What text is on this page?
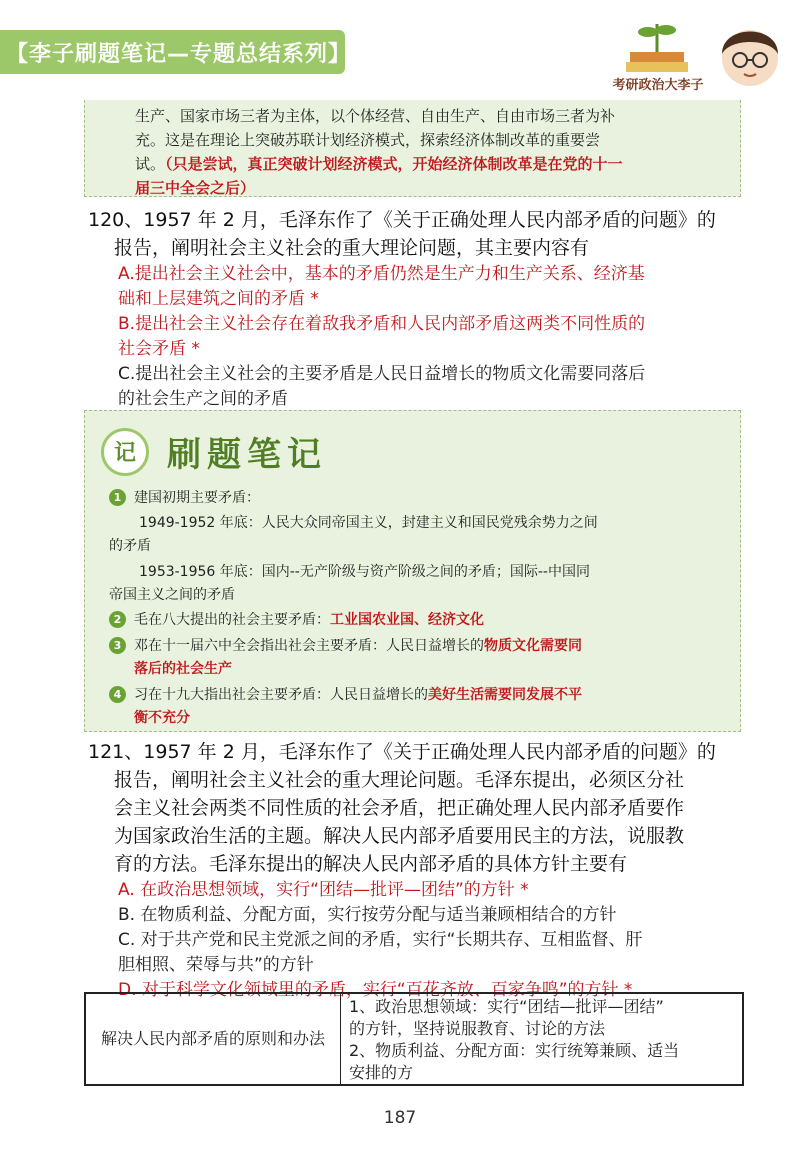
【李子刷题笔记—专题总结系列】
考研政治大李子
生产、国家市场三者为主体，以个体经营、自由生产、自由市场三者为补
充。这是在理论上突破苏联计划经济模式，探索经济体制改革的重要尝
试。（只是尝试，真正突破计划经济模式，开始经济体制改革是在党的十一
届三中全会之后）
120、1957 年 2 月，毛泽东作了《关于正确处理人民内部矛盾的问题》的
报告，阐明社会主义社会的重大理论问题，其主要内容有
A.提出社会主义社会中，基本的矛盾仍然是生产力和生产关系、经济基
础和上层建筑之间的矛盾 *
B.提出社会主义社会存在着敌我矛盾和人民内部矛盾这两类不同性质的
社会矛盾 *
C.提出社会主义社会的主要矛盾是人民日益增长的物质文化需要同落后
的社会生产之间的矛盾
记 刷题笔记
1 建国初期主要矛盾：
1949-1952 年底：人民大众同帝国主义，封建主义和国民党残余势力之间
的矛盾
1953-1956 年底：国内--无产阶级与资产阶级之间的矛盾；国际--中国同
帝国主义之间的矛盾
2 毛在八大提出的社会主要矛盾：工业国农业国、经济文化
3 邓在十一届六中全会指出社会主要矛盾：人民日益增长的物质文化需要同
落后的社会生产
4 习在十九大指出社会主要矛盾：人民日益增长的美好生活需要同发展不平
衡不充分
121、1957 年 2 月，毛泽东作了《关于正确处理人民内部矛盾的问题》的
报告，阐明社会主义社会的重大理论问题。毛泽东提出，必须区分社
会主义社会两类不同性质的社会矛盾，把正确处理人民内部矛盾要作
为国家政治生活的主题。解决人民内部矛盾要用民主的方法，说服教
育的方法。毛泽东提出的解决人民内部矛盾的具体方针主要有
A. 在政治思想领域，实行“团结—批评—团结”的方针 *
B. 在物质利益、分配方面，实行按劳分配与适当兼顾相结合的方针
C. 对于共产党和民主党派之间的矛盾，实行“长期共存、互相监督、肝
胆相照、荣辱与共”的方针
D. 对于科学文化领域里的矛盾，实行“百花齐放、百家争鸣”的方针 *
解决人民内部矛盾的原则和办法
1、政治思想领域：实行“团结—批评—团结”
的方针，坚持说服教育、讨论的方法
2、物质利益、分配方面：实行统筹兼顾、适当
安排的方
187
